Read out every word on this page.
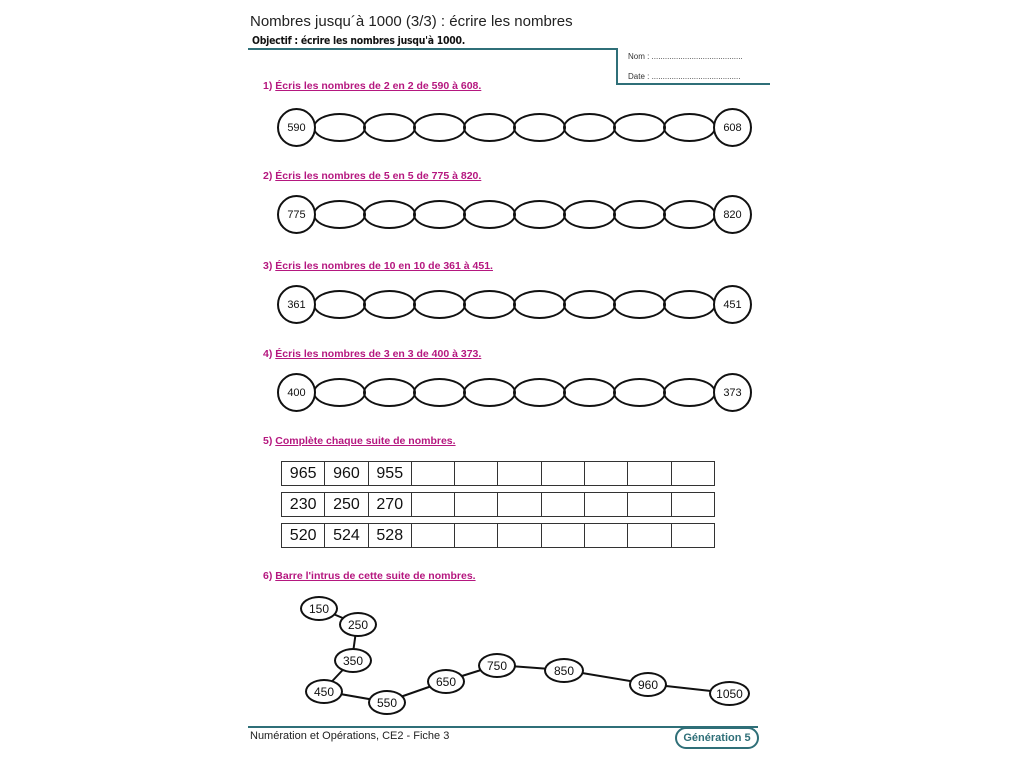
Nombres jusqu´à 1000 (3/3) : écrire les nombres
Objectif : écrire les nombres jusqu'à 1000.
Nom : .........................................
Date : ........................................
1) Écris les nombres de 2 en 2 de 590 à 608.
590	608
2) Écris les nombres de 5 en 5 de 775 à 820.
775	820
3) Écris les nombres de 10 en 10 de 361 à 451.
361	451
4) Écris les nombres de 3 en 3 de 400 à 373.
400	373
5) Complète chaque suite de nombres.
965	960	955
230	250	270
520	524	528
6) Barre l'intrus de cette suite de nombres.
150
250
350
450
550
650
750	850
960
1050
Numération et Opérations, CE2 - Fiche 3	Génération 5
